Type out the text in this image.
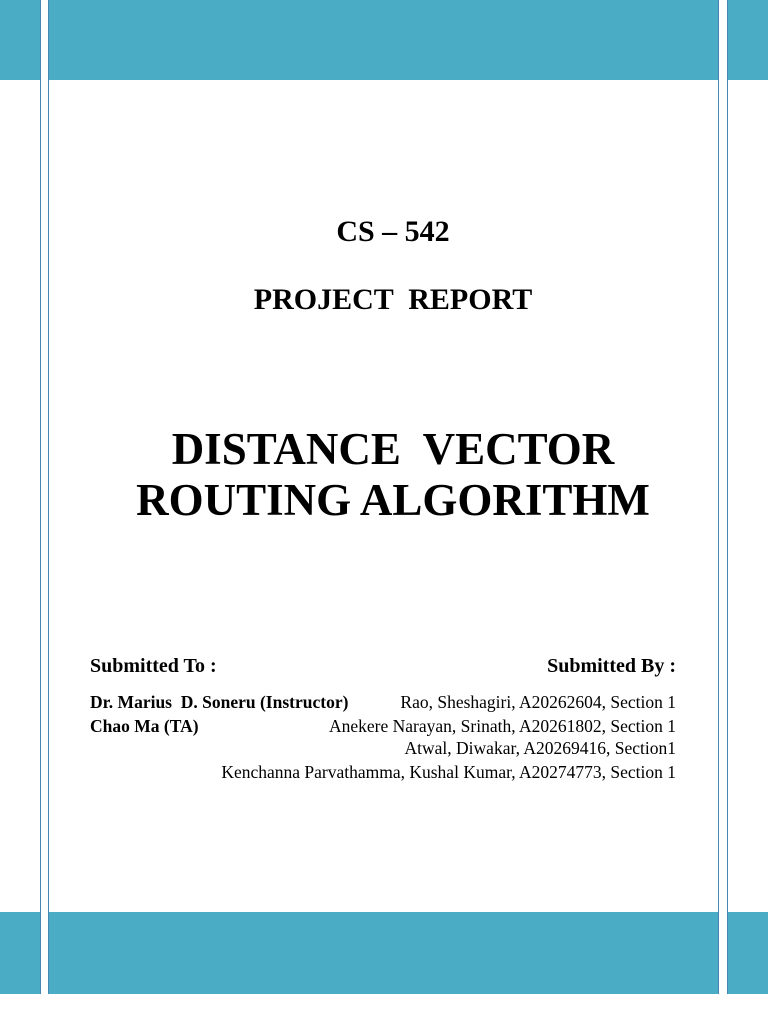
CS – 542
PROJECT  REPORT
DISTANCE  VECTOR
ROUTING ALGORITHM
Submitted To :	Submitted By :
Dr. Marius  D. Soneru (Instructor)
Chao Ma (TA)
Rao, Sheshagiri, A20262604, Section 1
Anekere Narayan, Srinath, A20261802, Section 1
Atwal, Diwakar, A20269416, Section1
Kenchanna Parvathamma, Kushal Kumar, A20274773, Section 1
